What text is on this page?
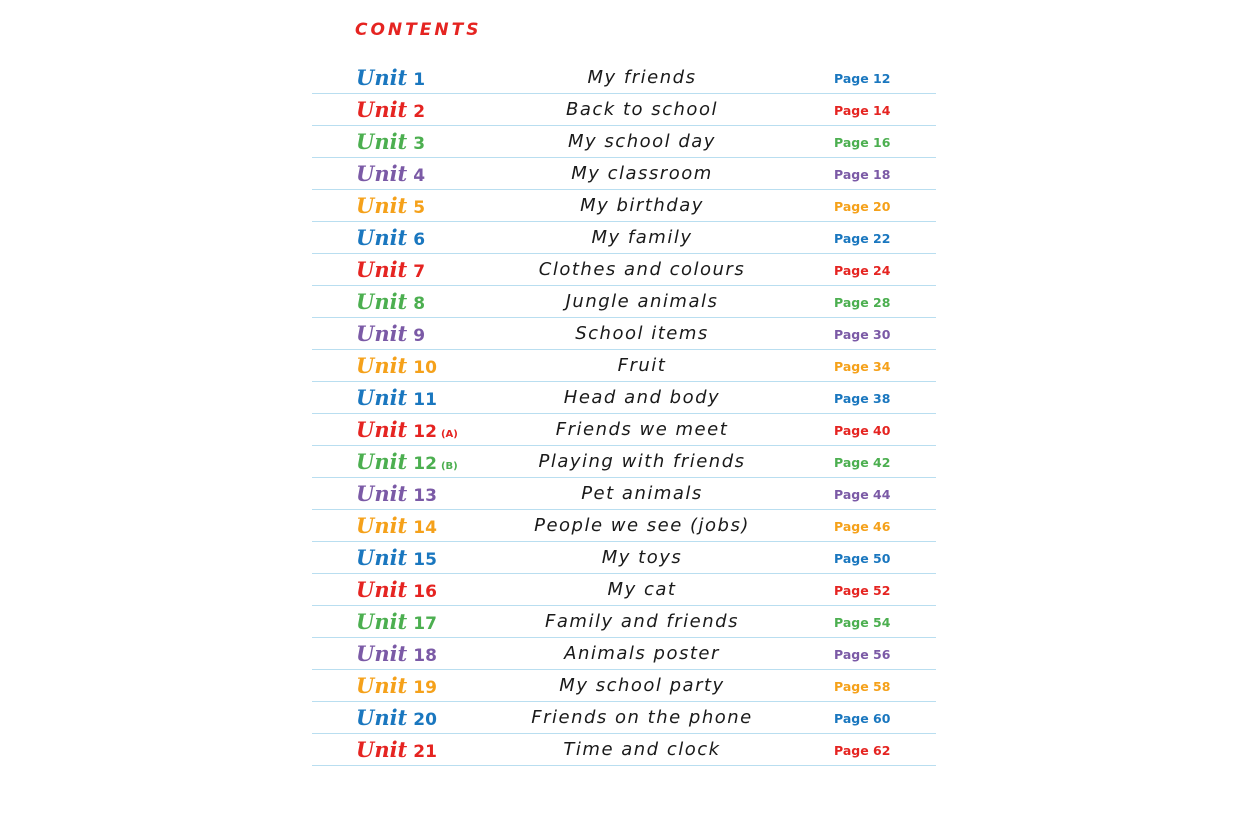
CONTENTS
Unit 1	My friends	Page 12
Unit 2	Back to school	Page 14
Unit 3	My school day	Page 16
Unit 4	My classroom	Page 18
Unit 5	My birthday	Page 20
Unit 6	My family	Page 22
Unit 7	Clothes and colours	Page 24
Unit 8	Jungle animals	Page 28
Unit 9	School items	Page 30
Unit 10	Fruit	Page 34
Unit 11	Head and body	Page 38
Unit 12 (A)	Friends we meet	Page 40
Unit 12 (B)	Playing with friends	Page 42
Unit 13	Pet animals	Page 44
Unit 14	People we see (jobs)	Page 46
Unit 15	My toys	Page 50
Unit 16	My cat	Page 52
Unit 17	Family and friends	Page 54
Unit 18	Animals poster	Page 56
Unit 19	My school party	Page 58
Unit 20	Friends on the phone	Page 60
Unit 21	Time and clock	Page 62
